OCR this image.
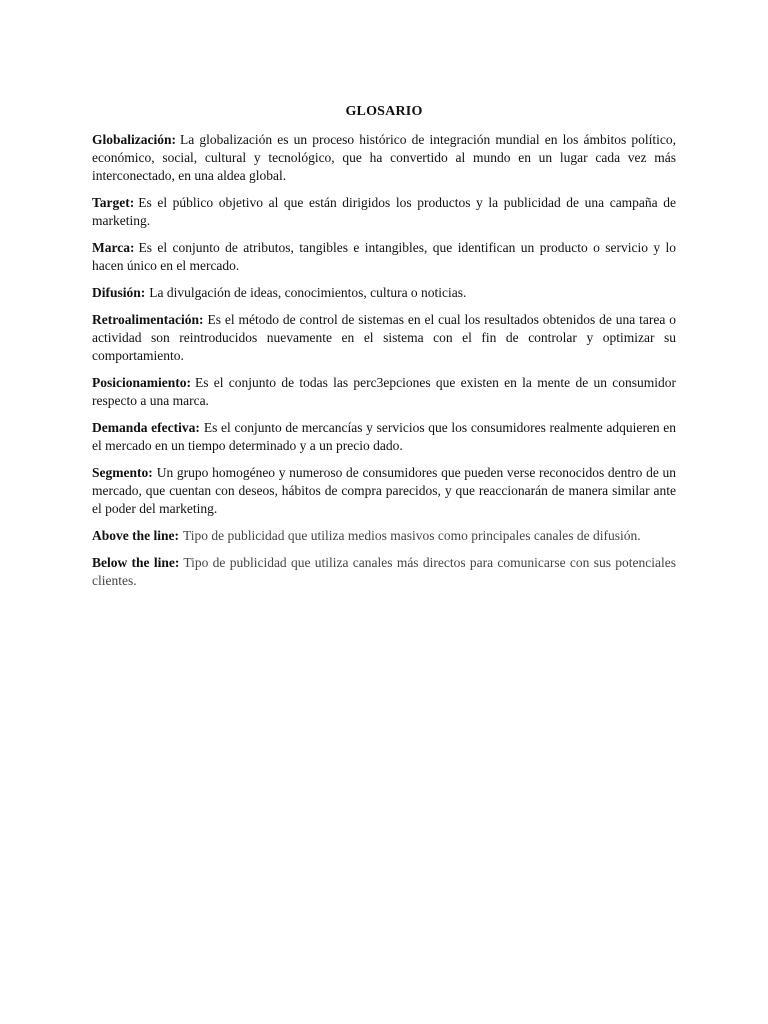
GLOSARIO

Globalización: La globalización es un proceso histórico de integración mundial en los ámbitos político, económico, social, cultural y tecnológico, que ha convertido al mundo en un lugar cada vez más interconectado, en una aldea global.

Target: Es el público objetivo al que están dirigidos los productos y la publicidad de una campaña de marketing.

Marca: Es el conjunto de atributos, tangibles e intangibles, que identifican un producto o servicio y lo hacen único en el mercado.

Difusión: La divulgación de ideas, conocimientos, cultura o noticias.

Retroalimentación: Es el método de control de sistemas en el cual los resultados obtenidos de una tarea o actividad son reintroducidos nuevamente en el sistema con el fin de controlar y optimizar su comportamiento.

Posicionamiento: Es el conjunto de todas las perc3epciones que existen en la mente de un consumidor respecto a una marca.

Demanda efectiva: Es el conjunto de mercancías y servicios que los consumidores realmente adquieren en el mercado en un tiempo determinado y a un precio dado.

Segmento: Un grupo homogéneo y numeroso de consumidores que pueden verse reconocidos dentro de un mercado, que cuentan con deseos, hábitos de compra parecidos, y que reaccionarán de manera similar ante el poder del marketing.

Above the line: Tipo de publicidad que utiliza medios masivos como principales canales de difusión.

Below the line: Tipo de publicidad que utiliza canales más directos para comunicarse con sus potenciales clientes.
